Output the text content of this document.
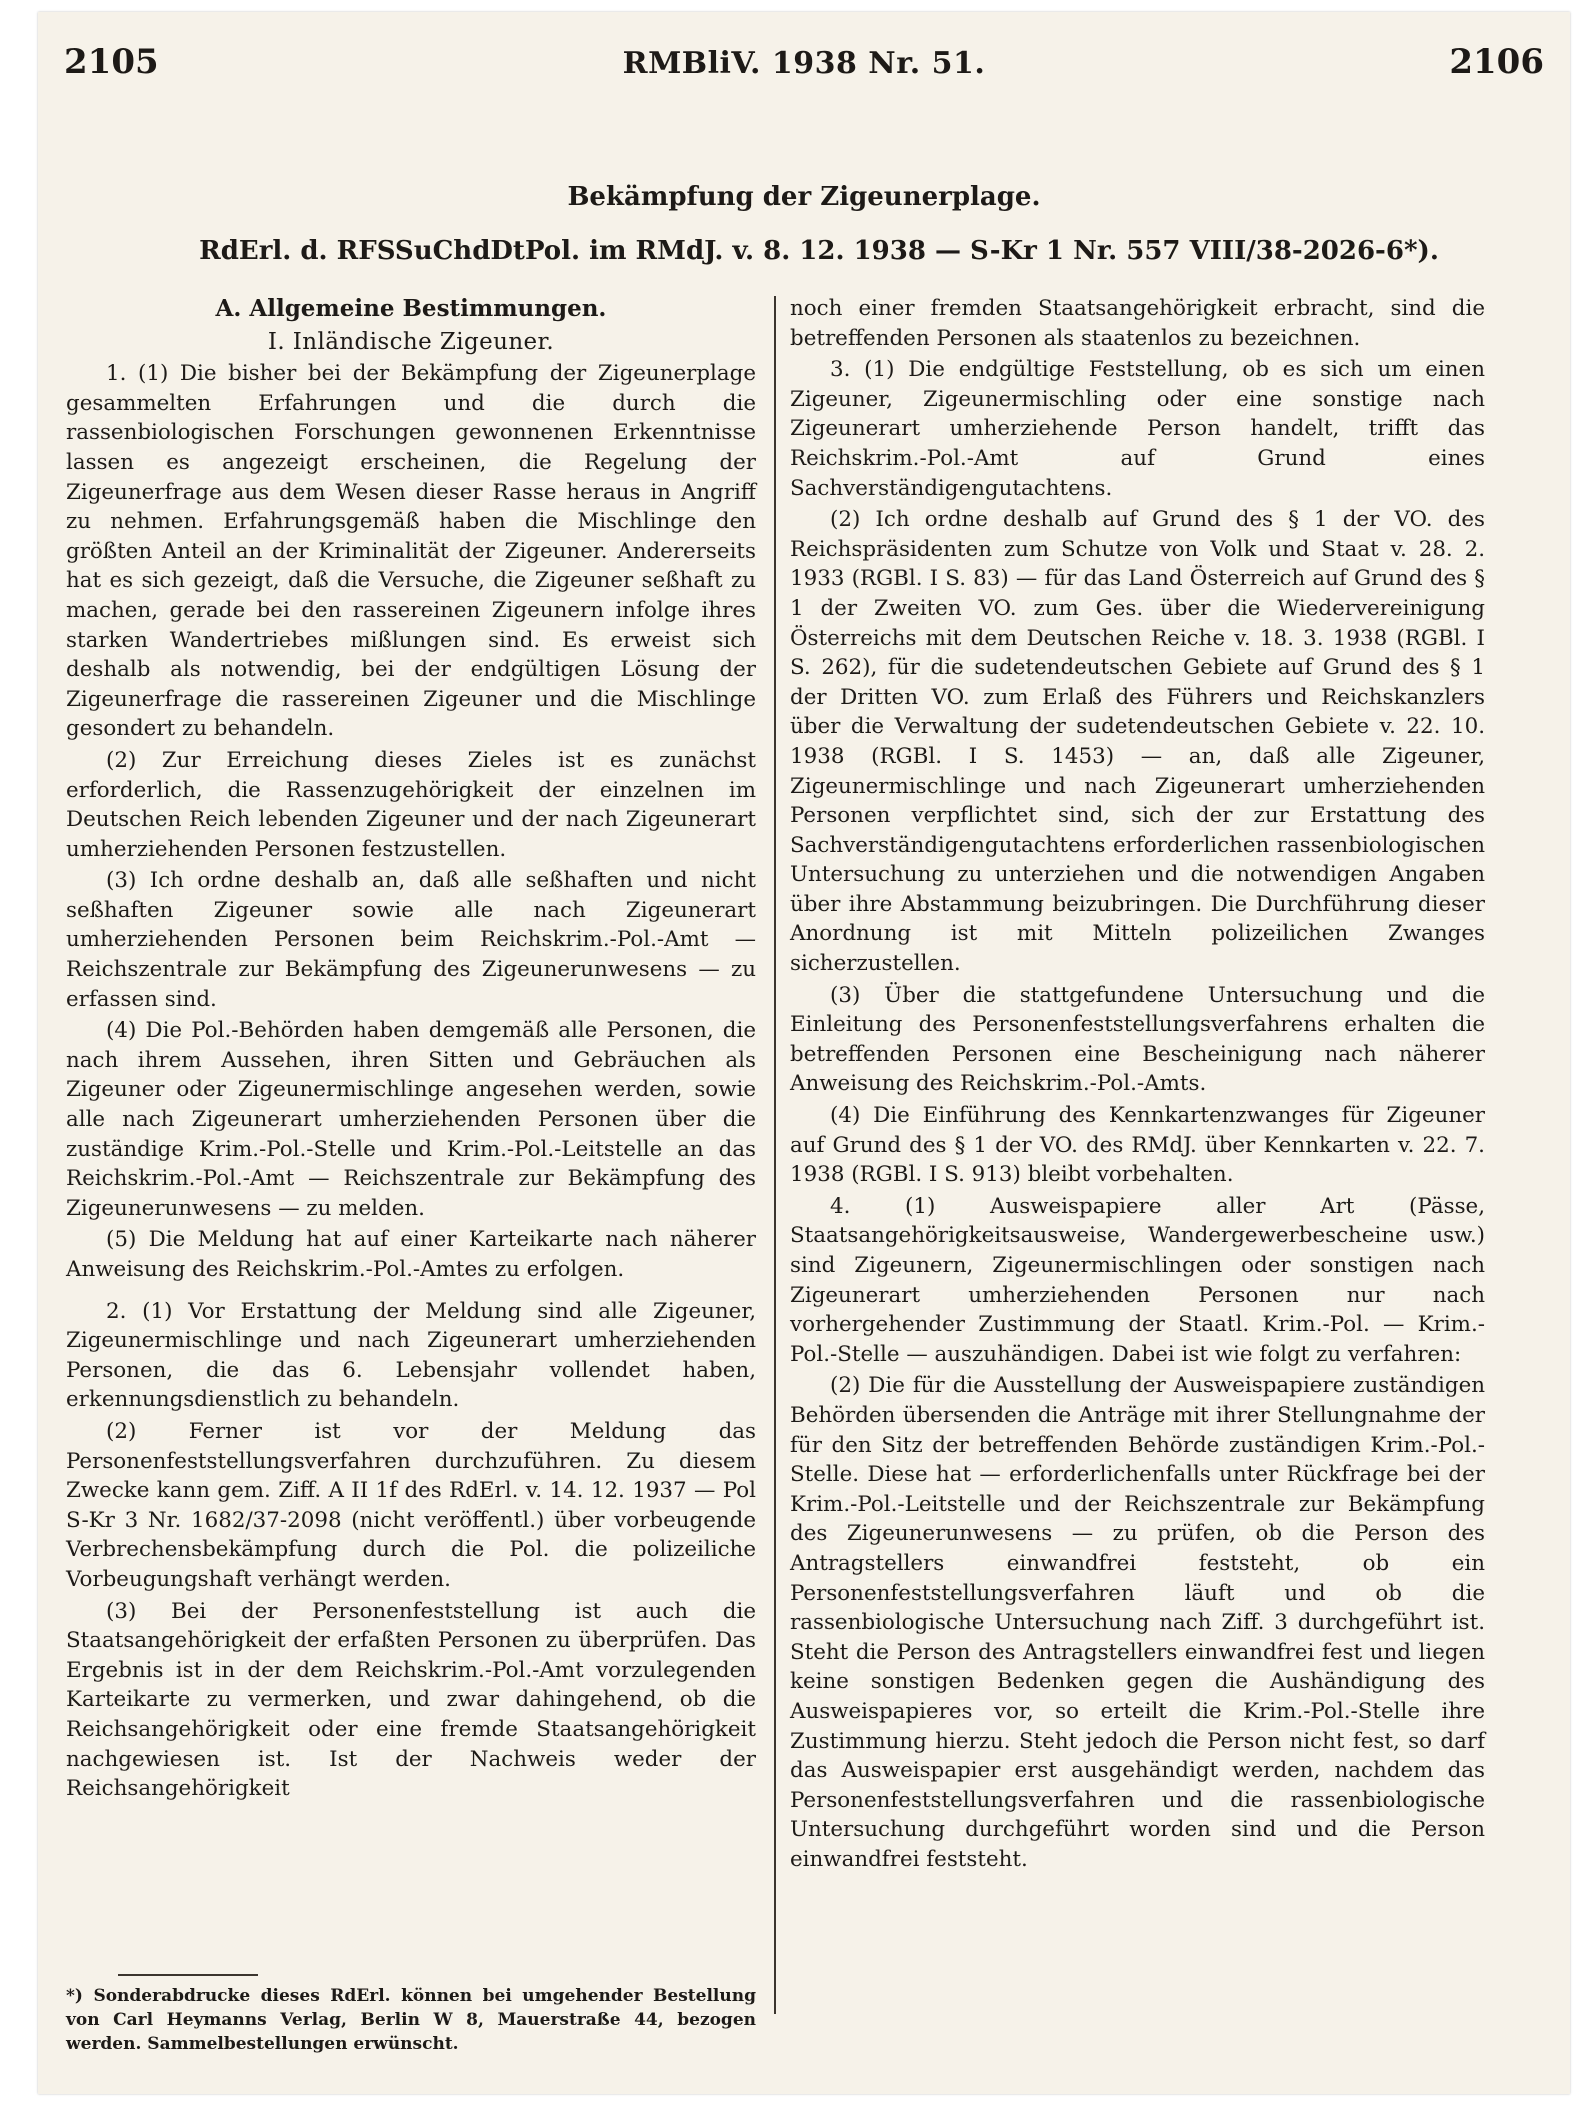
2105	RMBliV. 1938 Nr. 51.	2106
Bekämpfung der Zigeunerplage.
RdErl. d. RFSSuChdDtPol. im RMdJ. v. 8. 12. 1938 — S-Kr 1 Nr. 557 VIII/38-2026-6*).
A. Allgemeine Bestimmungen.
I. Inländische Zigeuner.

1. (1) Die bisher bei der Bekämpfung der Zigeunerplage gesammelten Erfahrungen und die durch die rassenbiologischen Forschungen gewonnenen Erkenntnisse lassen es angezeigt erscheinen, die Regelung der Zigeunerfrage aus dem Wesen dieser Rasse heraus in Angriff zu nehmen. Erfahrungsgemäß haben die Mischlinge den größten Anteil an der Kriminalität der Zigeuner. Andererseits hat es sich gezeigt, daß die Versuche, die Zigeuner seßhaft zu machen, gerade bei den rassereinen Zigeunern infolge ihres starken Wandertriebes mißlungen sind. Es erweist sich deshalb als notwendig, bei der endgültigen Lösung der Zigeunerfrage die rassereinen Zigeuner und die Mischlinge gesondert zu behandeln.

(2) Zur Erreichung dieses Zieles ist es zunächst erforderlich, die Rassenzugehörigkeit der einzelnen im Deutschen Reich lebenden Zigeuner und der nach Zigeunerart umherziehenden Personen festzustellen.

(3) Ich ordne deshalb an, daß alle seßhaften und nicht seßhaften Zigeuner sowie alle nach Zigeunerart umherziehenden Personen beim Reichskrim.-Pol.-Amt — Reichszentrale zur Bekämpfung des Zigeunerunwesens — zu erfassen sind.

(4) Die Pol.-Behörden haben demgemäß alle Personen, die nach ihrem Aussehen, ihren Sitten und Gebräuchen als Zigeuner oder Zigeunermischlinge angesehen werden, sowie alle nach Zigeunerart umherziehenden Personen über die zuständige Krim.-Pol.-Stelle und Krim.-Pol.-Leitstelle an das Reichskrim.-Pol.-Amt — Reichszentrale zur Bekämpfung des Zigeunerunwesens — zu melden.

(5) Die Meldung hat auf einer Karteikarte nach näherer Anweisung des Reichskrim.-Pol.-Amtes zu erfolgen.

2. (1) Vor Erstattung der Meldung sind alle Zigeuner, Zigeunermischlinge und nach Zigeunerart umherziehenden Personen, die das 6. Lebensjahr vollendet haben, erkennungsdienstlich zu behandeln.

(2) Ferner ist vor der Meldung das Personenfeststellungsverfahren durchzuführen. Zu diesem Zwecke kann gem. Ziff. A II 1f des RdErl. v. 14. 12. 1937 — Pol S-Kr 3 Nr. 1682/37-2098 (nicht veröffentl.) über vorbeugende Verbrechensbekämpfung durch die Pol. die polizeiliche Vorbeugungshaft verhängt werden.

(3) Bei der Personenfeststellung ist auch die Staatsangehörigkeit der erfaßten Personen zu überprüfen. Das Ergebnis ist in der dem Reichskrim.-Pol.-Amt vorzulegenden Karteikarte zu vermerken, und zwar dahingehend, ob die Reichsangehörigkeit oder eine fremde Staatsangehörigkeit nachgewiesen ist. Ist der Nachweis weder der Reichsangehörigkeit

noch einer fremden Staatsangehörigkeit erbracht, sind die betreffenden Personen als staatenlos zu bezeichnen.

3. (1) Die endgültige Feststellung, ob es sich um einen Zigeuner, Zigeunermischling oder eine sonstige nach Zigeunerart umherziehende Person handelt, trifft das Reichskrim.-Pol.-Amt auf Grund eines Sachverständigengutachtens.

(2) Ich ordne deshalb auf Grund des § 1 der VO. des Reichspräsidenten zum Schutze von Volk und Staat v. 28. 2. 1933 (RGBl. I S. 83) — für das Land Österreich auf Grund des § 1 der Zweiten VO. zum Ges. über die Wiedervereinigung Österreichs mit dem Deutschen Reiche v. 18. 3. 1938 (RGBl. I S. 262), für die sudetendeutschen Gebiete auf Grund des § 1 der Dritten VO. zum Erlaß des Führers und Reichskanzlers über die Verwaltung der sudetendeutschen Gebiete v. 22. 10. 1938 (RGBl. I S. 1453) — an, daß alle Zigeuner, Zigeunermischlinge und nach Zigeunerart umherziehenden Personen verpflichtet sind, sich der zur Erstattung des Sachverständigengutachtens erforderlichen rassenbiologischen Untersuchung zu unterziehen und die notwendigen Angaben über ihre Abstammung beizubringen. Die Durchführung dieser Anordnung ist mit Mitteln polizeilichen Zwanges sicherzustellen.

(3) Über die stattgefundene Untersuchung und die Einleitung des Personenfeststellungsverfahrens erhalten die betreffenden Personen eine Bescheinigung nach näherer Anweisung des Reichskrim.-Pol.-Amts.

(4) Die Einführung des Kennkartenzwanges für Zigeuner auf Grund des § 1 der VO. des RMdJ. über Kennkarten v. 22. 7. 1938 (RGBl. I S. 913) bleibt vorbehalten.

4. (1) Ausweispapiere aller Art (Pässe, Staatsangehörigkeitsausweise, Wandergewerbescheine usw.) sind Zigeunern, Zigeunermischlingen oder sonstigen nach Zigeunerart umherziehenden Personen nur nach vorhergehender Zustimmung der Staatl. Krim.-Pol. — Krim.-Pol.-Stelle — auszuhändigen. Dabei ist wie folgt zu verfahren:

(2) Die für die Ausstellung der Ausweispapiere zuständigen Behörden übersenden die Anträge mit ihrer Stellungnahme der für den Sitz der betreffenden Behörde zuständigen Krim.-Pol.-Stelle. Diese hat — erforderlichenfalls unter Rückfrage bei der Krim.-Pol.-Leitstelle und der Reichszentrale zur Bekämpfung des Zigeunerunwesens — zu prüfen, ob die Person des Antragstellers einwandfrei feststeht, ob ein Personenfeststellungsverfahren läuft und ob die rassenbiologische Untersuchung nach Ziff. 3 durchgeführt ist. Steht die Person des Antragstellers einwandfrei fest und liegen keine sonstigen Bedenken gegen die Aushändigung des Ausweispapieres vor, so erteilt die Krim.-Pol.-Stelle ihre Zustimmung hierzu. Steht jedoch die Person nicht fest, so darf das Ausweispapier erst ausgehändigt werden, nachdem das Personenfeststellungsverfahren und die rassenbiologische Untersuchung durchgeführt worden sind und die Person einwandfrei feststeht.

*) Sonderabdrucke dieses RdErl. können bei umgehender Bestellung von Carl Heymanns Verlag, Berlin W 8, Mauerstraße 44, bezogen werden. Sammelbestellungen erwünscht.
